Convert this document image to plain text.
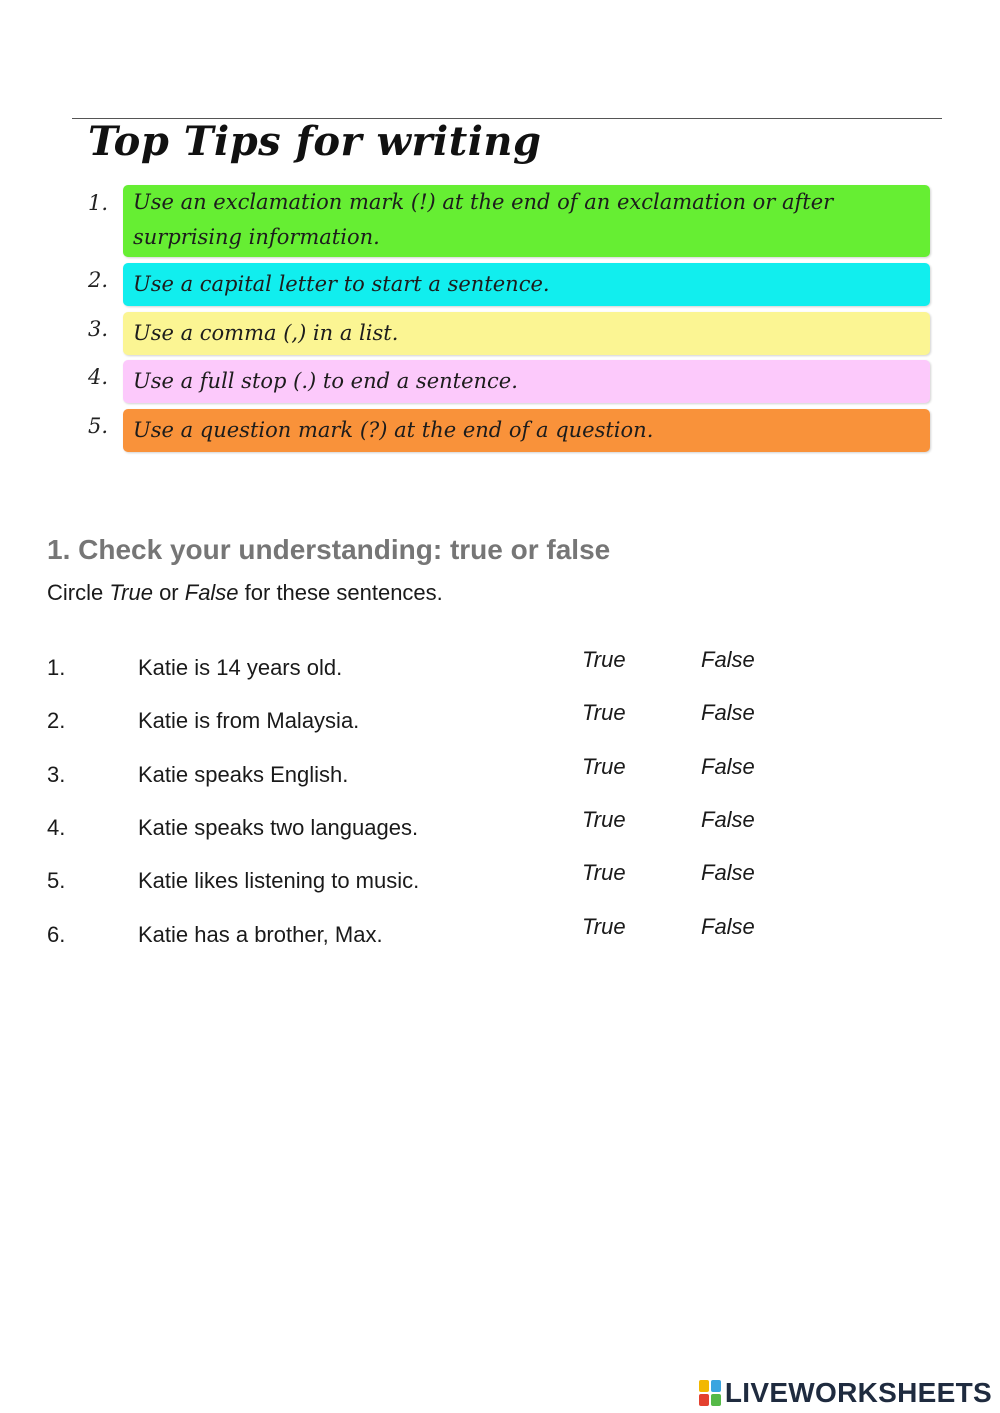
Top Tips for writing
1.	Use an exclamation mark (!) at the end of an exclamation or after surprising information.
2.	Use a capital letter to start a sentence.
3.	Use a comma (,) in a list.
4.	Use a full stop (.) to end a sentence.
5.	Use a question mark (?) at the end of a question.
1. Check your understanding: true or false
Circle True or False for these sentences.
1.	Katie is 14 years old.	True	False
2.	Katie is from Malaysia.	True	False
3.	Katie speaks English.	True	False
4.	Katie speaks two languages.	True	False
5.	Katie likes listening to music.	True	False
6.	Katie has a brother, Max.	True	False
LIVEWORKSHEETS
